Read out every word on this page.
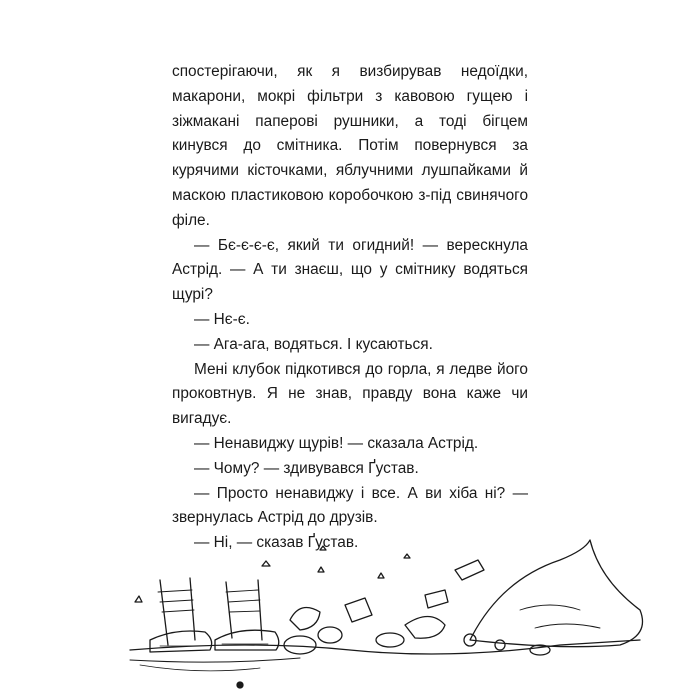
спостерігаючи, як я визбирував недоїдки, макарони, мокрі фільтри з кавовою гущею і зіжмакані паперові рушники, а тоді бігцем кинувся до смітника. Потім повернувся за курячими кісточками, яблучними лушпайками й маскою пластиковою коробочкою з-під свинячого філе.

— Бє-є-є-є, який ти огидний! — верескнула Астрід. — А ти знаєш, що у смітнику водяться щурі?

— Нє-є.

— Ага-ага, водяться. І кусаються.

Мені клубок підкотився до горла, я ледве його проковтнув. Я не знав, правду вона каже чи вигадує.

— Ненавиджу щурів! — сказала Астрід.

— Чому? — здивувався Ґустав.

— Просто ненавиджу і все. А ви хіба ні? — звернулась Астрід до друзів.

— Ні, — сказав Ґустав.
